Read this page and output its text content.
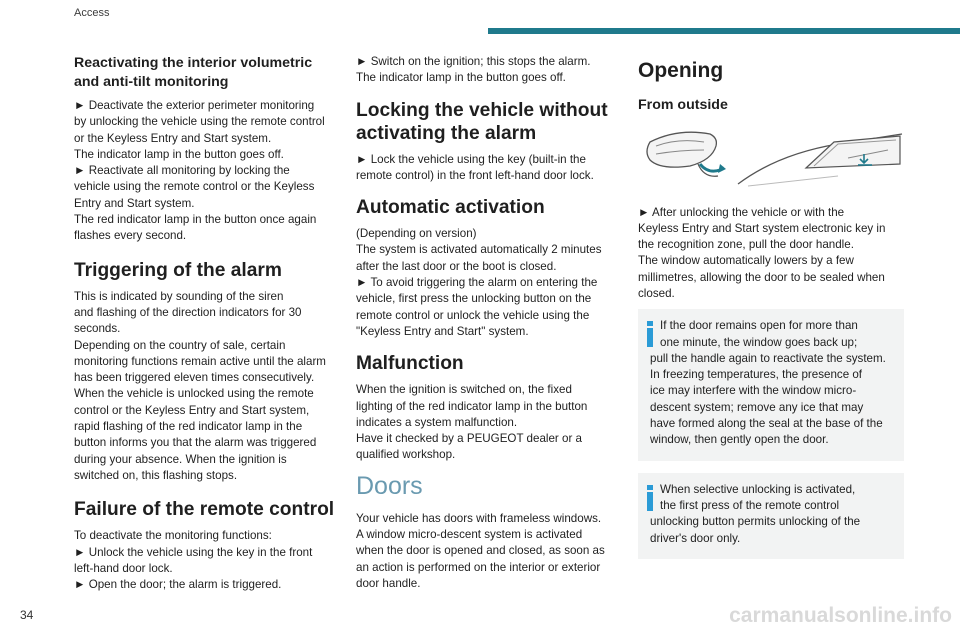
Access
Reactivating the interior volumetric
and anti-tilt monitoring

► Deactivate the exterior perimeter monitoring
by unlocking the vehicle using the remote control
or the Keyless Entry and Start system.
The indicator lamp in the button goes off.
► Reactivate all monitoring by locking the
vehicle using the remote control or the Keyless
Entry and Start system.
The red indicator lamp in the button once again
flashes every second.

Triggering of the alarm

This is indicated by sounding of the siren
and flashing of the direction indicators for 30
seconds.
Depending on the country of sale, certain
monitoring functions remain active until the alarm
has been triggered eleven times consecutively.
When the vehicle is unlocked using the remote
control or the Keyless Entry and Start system,
rapid flashing of the red indicator lamp in the
button informs you that the alarm was triggered
during your absence. When the ignition is
switched on, this flashing stops.

Failure of the remote control

To deactivate the monitoring functions:
► Unlock the vehicle using the key in the front
left-hand door lock.
► Open the door; the alarm is triggered.

► Switch on the ignition; this stops the alarm.
The indicator lamp in the button goes off.

Locking the vehicle without
activating the alarm

► Lock the vehicle using the key (built-in the
remote control) in the front left-hand door lock.

Automatic activation

(Depending on version)
The system is activated automatically 2 minutes
after the last door or the boot is closed.
► To avoid triggering the alarm on entering the
vehicle, first press the unlocking button on the
remote control or unlock the vehicle using the
"Keyless Entry and Start" system.

Malfunction

When the ignition is switched on, the fixed
lighting of the red indicator lamp in the button
indicates a system malfunction.
Have it checked by a PEUGEOT dealer or a
qualified workshop.

Doors

Your vehicle has doors with frameless windows.
A window micro-descent system is activated
when the door is opened and closed, as soon as
an action is performed on the interior or exterior
door handle.

Opening
From outside

► After unlocking the vehicle or with the
Keyless Entry and Start system electronic key in
the recognition zone, pull the door handle.
The window automatically lowers by a few
millimetres, allowing the door to be sealed when
closed.

If the door remains open for more than
one minute, the window goes back up;
pull the handle again to reactivate the system.
In freezing temperatures, the presence of
ice may interfere with the window micro-
descent system; remove any ice that may
have formed along the seal at the base of the
window, then gently open the door.

When selective unlocking is activated,
the first press of the remote control
unlocking button permits unlocking of the
driver's door only.

34	carmanualsonline.info
